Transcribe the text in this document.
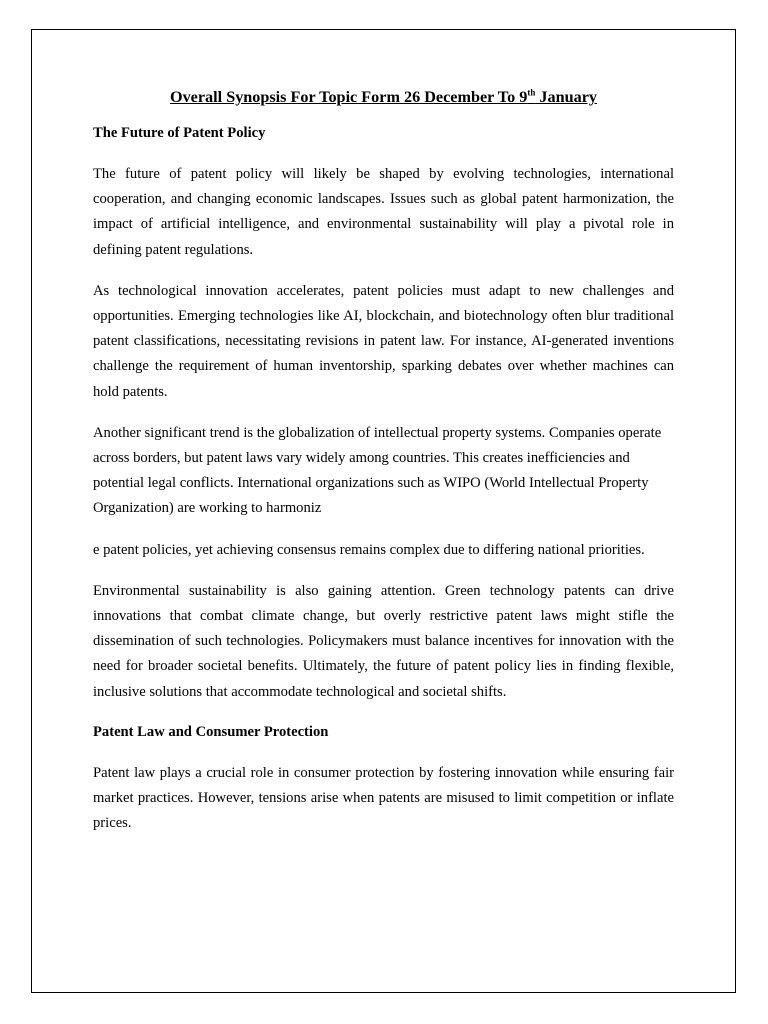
Overall Synopsis For Topic Form 26 December To 9th January
The Future of Patent Policy

The future of patent policy will likely be shaped by evolving technologies, international cooperation, and changing economic landscapes. Issues such as global patent harmonization, the impact of artificial intelligence, and environmental sustainability will play a pivotal role in defining patent regulations.

As technological innovation accelerates, patent policies must adapt to new challenges and opportunities. Emerging technologies like AI, blockchain, and biotechnology often blur traditional patent classifications, necessitating revisions in patent law. For instance, AI-generated inventions challenge the requirement of human inventorship, sparking debates over whether machines can hold patents.

Another significant trend is the globalization of intellectual property systems. Companies operate across borders, but patent laws vary widely among countries. This creates inefficiencies and potential legal conflicts. International organizations such as WIPO (World Intellectual Property Organization) are working to harmoniz

e patent policies, yet achieving consensus remains complex due to differing national priorities.

Environmental sustainability is also gaining attention. Green technology patents can drive innovations that combat climate change, but overly restrictive patent laws might stifle the dissemination of such technologies. Policymakers must balance incentives for innovation with the need for broader societal benefits. Ultimately, the future of patent policy lies in finding flexible, inclusive solutions that accommodate technological and societal shifts.

Patent Law and Consumer Protection

Patent law plays a crucial role in consumer protection by fostering innovation while ensuring fair market practices. However, tensions arise when patents are misused to limit competition or inflate prices.
